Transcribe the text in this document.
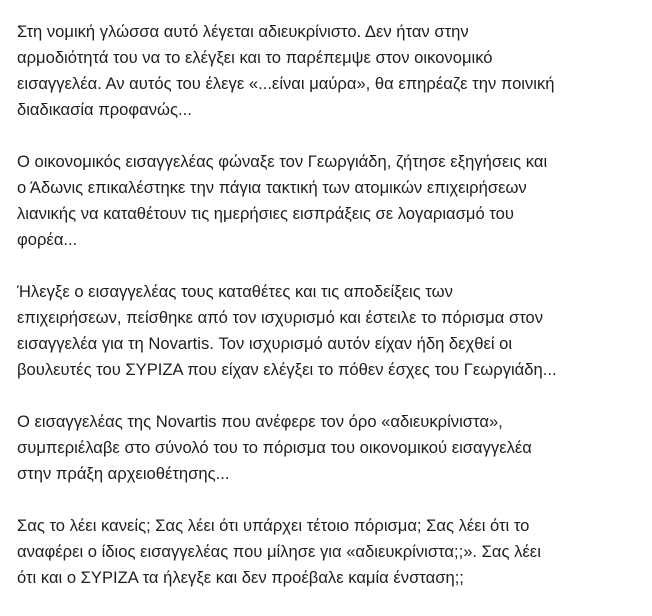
Στη νομική γλώσσα αυτό λέγεται αδιευκρίνιστο. Δεν ήταν στην
αρμοδιότητά του να το ελέγξει και το παρέπεμψε στον οικονομικό
εισαγγελέα. Αν αυτός του έλεγε «...είναι μαύρα», θα επηρέαζε την ποινική
διαδικασία προφανώς...

Ο οικονομικός εισαγγελέας φώναξε τον Γεωργιάδη, ζήτησε εξηγήσεις και
ο Άδωνις επικαλέστηκε την πάγια τακτική των ατομικών επιχειρήσεων
λιανικής να καταθέτουν τις ημερήσιες εισπράξεις σε λογαριασμό του
φορέα...

Ήλεγξε ο εισαγγελέας τους καταθέτες και τις αποδείξεις των
επιχειρήσεων, πείσθηκε από τον ισχυρισμό και έστειλε το πόρισμα στον
εισαγγελέα για τη Novartis. Τον ισχυρισμό αυτόν είχαν ήδη δεχθεί οι
βουλευτές του ΣΥΡΙΖΑ που είχαν ελέγξει το πόθεν έσχες του Γεωργιάδη...

Ο εισαγγελέας της Novartis που ανέφερε τον όρο «αδιευκρίνιστα»,
συμπεριέλαβε στο σύνολό του το πόρισμα του οικονομικού εισαγγελέα
στην πράξη αρχειοθέτησης...

Σας το λέει κανείς; Σας λέει ότι υπάρχει τέτοιο πόρισμα; Σας λέει ότι το
αναφέρει ο ίδιος εισαγγελέας που μίλησε για «αδιευκρίνιστα;;». Σας λέει
ότι και ο ΣΥΡΙΖΑ τα ήλεγξε και δεν προέβαλε καμία ένσταση;;
